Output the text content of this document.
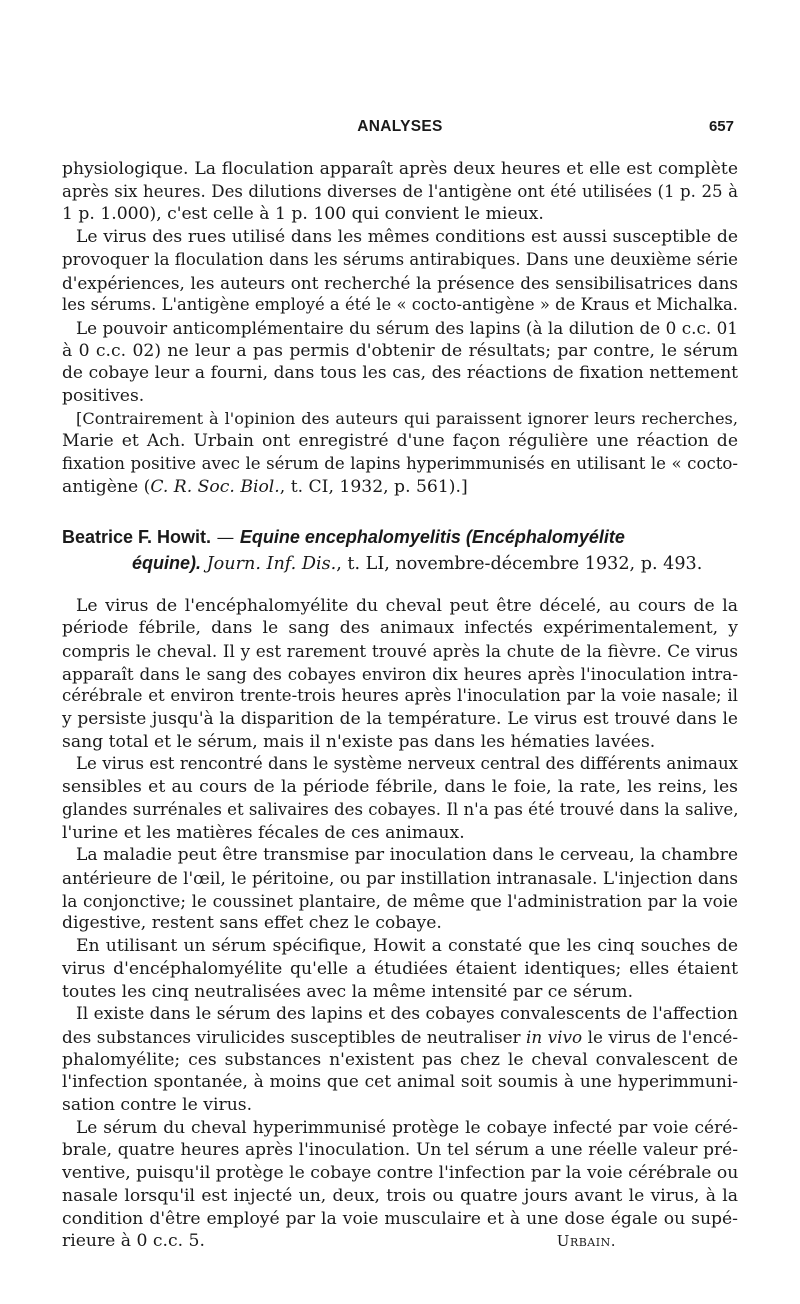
ANALYSES	657

physiologique. La floculation apparaît après deux heures et elle est complète
après six heures. Des dilutions diverses de l'antigène ont été utilisées (1 p. 25 à
1 p. 1.000), c'est celle à 1 p. 100 qui convient le mieux.

Le virus des rues utilisé dans les mêmes conditions est aussi susceptible de
provoquer la floculation dans les sérums antirabiques. Dans une deuxième série
d'expériences, les auteurs ont recherché la présence des sensibilisatrices dans
les sérums. L'antigène employé a été le « cocto-antigène » de Kraus et Michalka.

Le pouvoir anticomplémentaire du sérum des lapins (à la dilution de 0 c.c. 01
à 0 c.c. 02) ne leur a pas permis d'obtenir de résultats; par contre, le sérum
de cobaye leur a fourni, dans tous les cas, des réactions de fixation nettement
positives.

[Contrairement à l'opinion des auteurs qui paraissent ignorer leurs recherches,
Marie et Ach. Urbain ont enregistré d'une façon régulière une réaction de
fixation positive avec le sérum de lapins hyperimmunisés en utilisant le « cocto-
antigène (C. R. Soc. Biol., t. CI, 1932, p. 561).]

Beatrice F. Howit. — Equine encephalomyelitis (Encéphalomyélite
équine). Journ. Inf. Dis., t. LI, novembre-décembre 1932, p. 493.

Le virus de l'encéphalomyélite du cheval peut être décelé, au cours de la
période fébrile, dans le sang des animaux infectés expérimentalement, y
compris le cheval. Il y est rarement trouvé après la chute de la fièvre. Ce virus
apparaît dans le sang des cobayes environ dix heures après l'inoculation intra-
cérébrale et environ trente-trois heures après l'inoculation par la voie nasale; il
y persiste jusqu'à la disparition de la température. Le virus est trouvé dans le
sang total et le sérum, mais il n'existe pas dans les hématies lavées.

Le virus est rencontré dans le système nerveux central des différents animaux
sensibles et au cours de la période fébrile, dans le foie, la rate, les reins, les
glandes surrénales et salivaires des cobayes. Il n'a pas été trouvé dans la salive,
l'urine et les matières fécales de ces animaux.

La maladie peut être transmise par inoculation dans le cerveau, la chambre
antérieure de l'œil, le péritoine, ou par instillation intranasale. L'injection dans
la conjonctive; le coussinet plantaire, de même que l'administration par la voie
digestive, restent sans effet chez le cobaye.

En utilisant un sérum spécifique, Howit a constaté que les cinq souches de
virus d'encéphalomyélite qu'elle a étudiées étaient identiques; elles étaient
toutes les cinq neutralisées avec la même intensité par ce sérum.

Il existe dans le sérum des lapins et des cobayes convalescents de l'affection
des substances virulicides susceptibles de neutraliser in vivo le virus de l'encé-
phalomyélite; ces substances n'existent pas chez le cheval convalescent de
l'infection spontanée, à moins que cet animal soit soumis à une hyperimmuni-
sation contre le virus.

Le sérum du cheval hyperimmunisé protège le cobaye infecté par voie céré-
brale, quatre heures après l'inoculation. Un tel sérum a une réelle valeur pré-
ventive, puisqu'il protège le cobaye contre l'infection par la voie cérébrale ou
nasale lorsqu'il est injecté un, deux, trois ou quatre jours avant le virus, à la
condition d'être employé par la voie musculaire et à une dose égale ou supé-
rieure à 0 c.c. 5.	Urbain.
